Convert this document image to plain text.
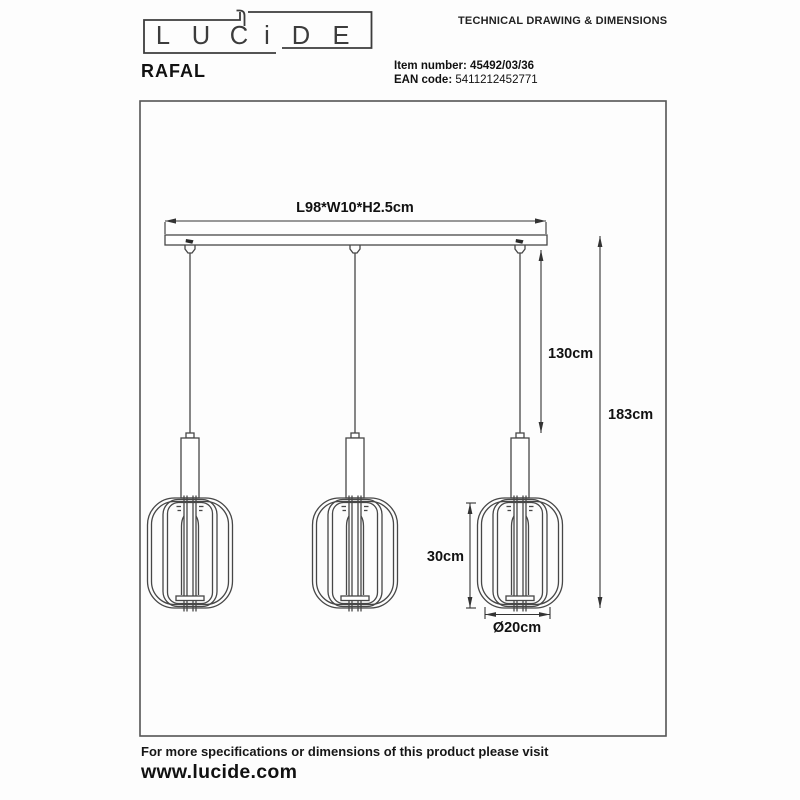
L U C i D E
TECHNICAL DRAWING & DIMENSIONS
RAFAL	Item number: 45492/03/36
EAN code: 5411212452771
L98*W10*H2.5cm
130cm
183cm
30cm
Ø20cm
For more specifications or dimensions of this product please visit
www.lucide.com
